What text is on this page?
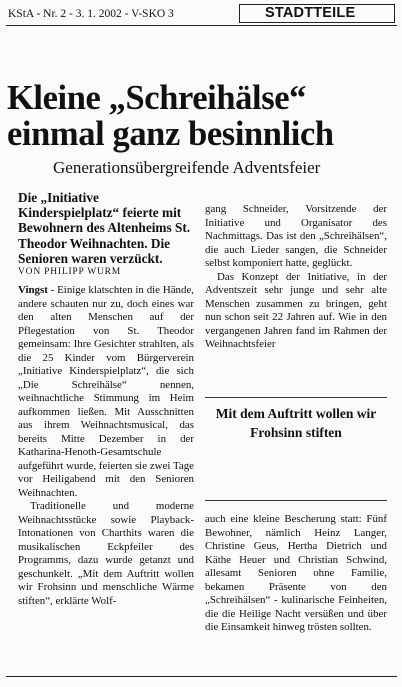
KStA - Nr. 2 - 3. 1. 2002 - V-SKO 3	STADTTEILE
Kleine „Schreihälse“
einmal ganz besinnlich
Generationsübergreifende Adventsfeier
Die „Initiative Kinderspielplatz“ feierte mit Bewohnern des Altenheims St. Theodor Weihnachten. Die Senioren waren verzückt.
VON PHILIPP WURM

Vingst - Einige klatschten in die Hände, andere schauten nur zu, doch eines war den alten Menschen auf der Pflegestation von St. Theodor gemeinsam: Ihre Gesichter strahlten, als die 25 Kinder vom Bürgerverein „Initiative Kinderspielplatz“, die sich „Die Schreihälse“ nennen, weihnachtliche Stimmung im Heim aufkommen ließen. Mit Ausschnitten aus ihrem Weihnachtsmusical, das bereits Mitte Dezember in der Katharina-Henoth-Gesamtschule aufgeführt wurde, feierten sie zwei Tage vor Heiligabend mit den Senioren Weihnachten.

Traditionelle und moderne Weihnachtsstücke sowie Playback-Intonationen von Charthits waren die musikalischen Eckpfeiler des Programms, dazu wurde getanzt und geschunkelt. „Mit dem Auftritt wollen wir Frohsinn und menschliche Wärme stiften“, erklärte Wolf-

gang Schneider, Vorsitzende der Initiative und Organisator des Nachmittags. Das ist den „Schreihälsen“, die auch Lieder sangen, die Schneider selbst komponiert hatte, geglückt.

Das Konzept der Initiative, in der Adventszeit sehr junge und sehr alte Menschen zusammen zu bringen, geht nun schon seit 22 Jahren auf. Wie in den vergangenen Jahren fand im Rahmen der Weihnachtsfeier

Mit dem Auftritt wollen wir Frohsinn stiften

auch eine kleine Bescherung statt: Fünf Bewohner, nämlich Heinz Langer, Christine Geus, Hertha Dietrich und Käthe Heuer und Christian Schwind, allesamt Senioren ohne Familie, bekamen Präsente von den „Schreihälsen“ - kulinarische Feinheiten, die die Heilige Nacht versüßen und über die Einsamkeit hinweg trösten sollten.
